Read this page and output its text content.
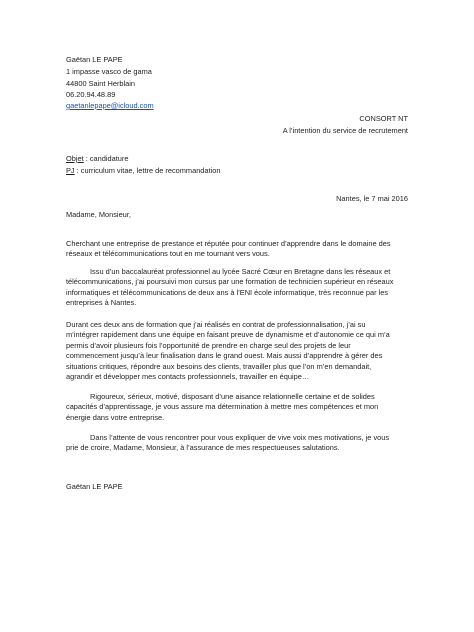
Gaëtan LE PAPE
1 impasse vasco de gama
44800 Saint Herblain
06.20.94.48.89
gaetanlepape@icloud.com
CONSORT NT
A l’intention du service de recrutement
Objet : candidature
PJ : curriculum vitae, lettre de recommandation
Nantes, le 7 mai 2016
Madame, Monsieur,
Cherchant une entreprise de prestance et réputée pour continuer d’apprendre dans le domaine des
réseaux et télécommunications tout en me tournant vers vous.
Issu d’un baccalauréat professionnel au lycée Sacré Cœur en Bretagne dans les réseaux et
télécommunications, j’ai poursuivi mon cursus par une formation de technicien supérieur en réseaux
informatiques et télécommunications de deux ans à l’ENI école informatique, très reconnue par les
entreprises à Nantes.
Durant ces deux ans de formation que j’ai réalisés en contrat de professionnalisation, j’ai su
m’intégrer rapidement dans une équipe en faisant preuve de dynamisme et d’autonomie ce qui m’a
permis d’avoir plusieurs fois l’opportunité de prendre en charge seul des projets de leur
commencement jusqu’à leur finalisation dans le grand ouest. Mais aussi d’apprendre à gérer des
situations critiques, répondre aux besoins des clients, travailler plus que l’on m’en demandait,
agrandir et développer mes contacts professionnels, travailler en équipe…
Rigoureux, sérieux, motivé, disposant d’une aisance relationnelle certaine et de solides
capacités d’apprentissage, je vous assure ma détermination à mettre mes compétences et mon
énergie dans votre entreprise.
Dans l’attente de vous rencontrer pour vous expliquer de vive voix mes motivations, je vous
prie de croire, Madame, Monsieur, à l’assurance de mes respectueuses salutations.
Gaëtan LE PAPE
